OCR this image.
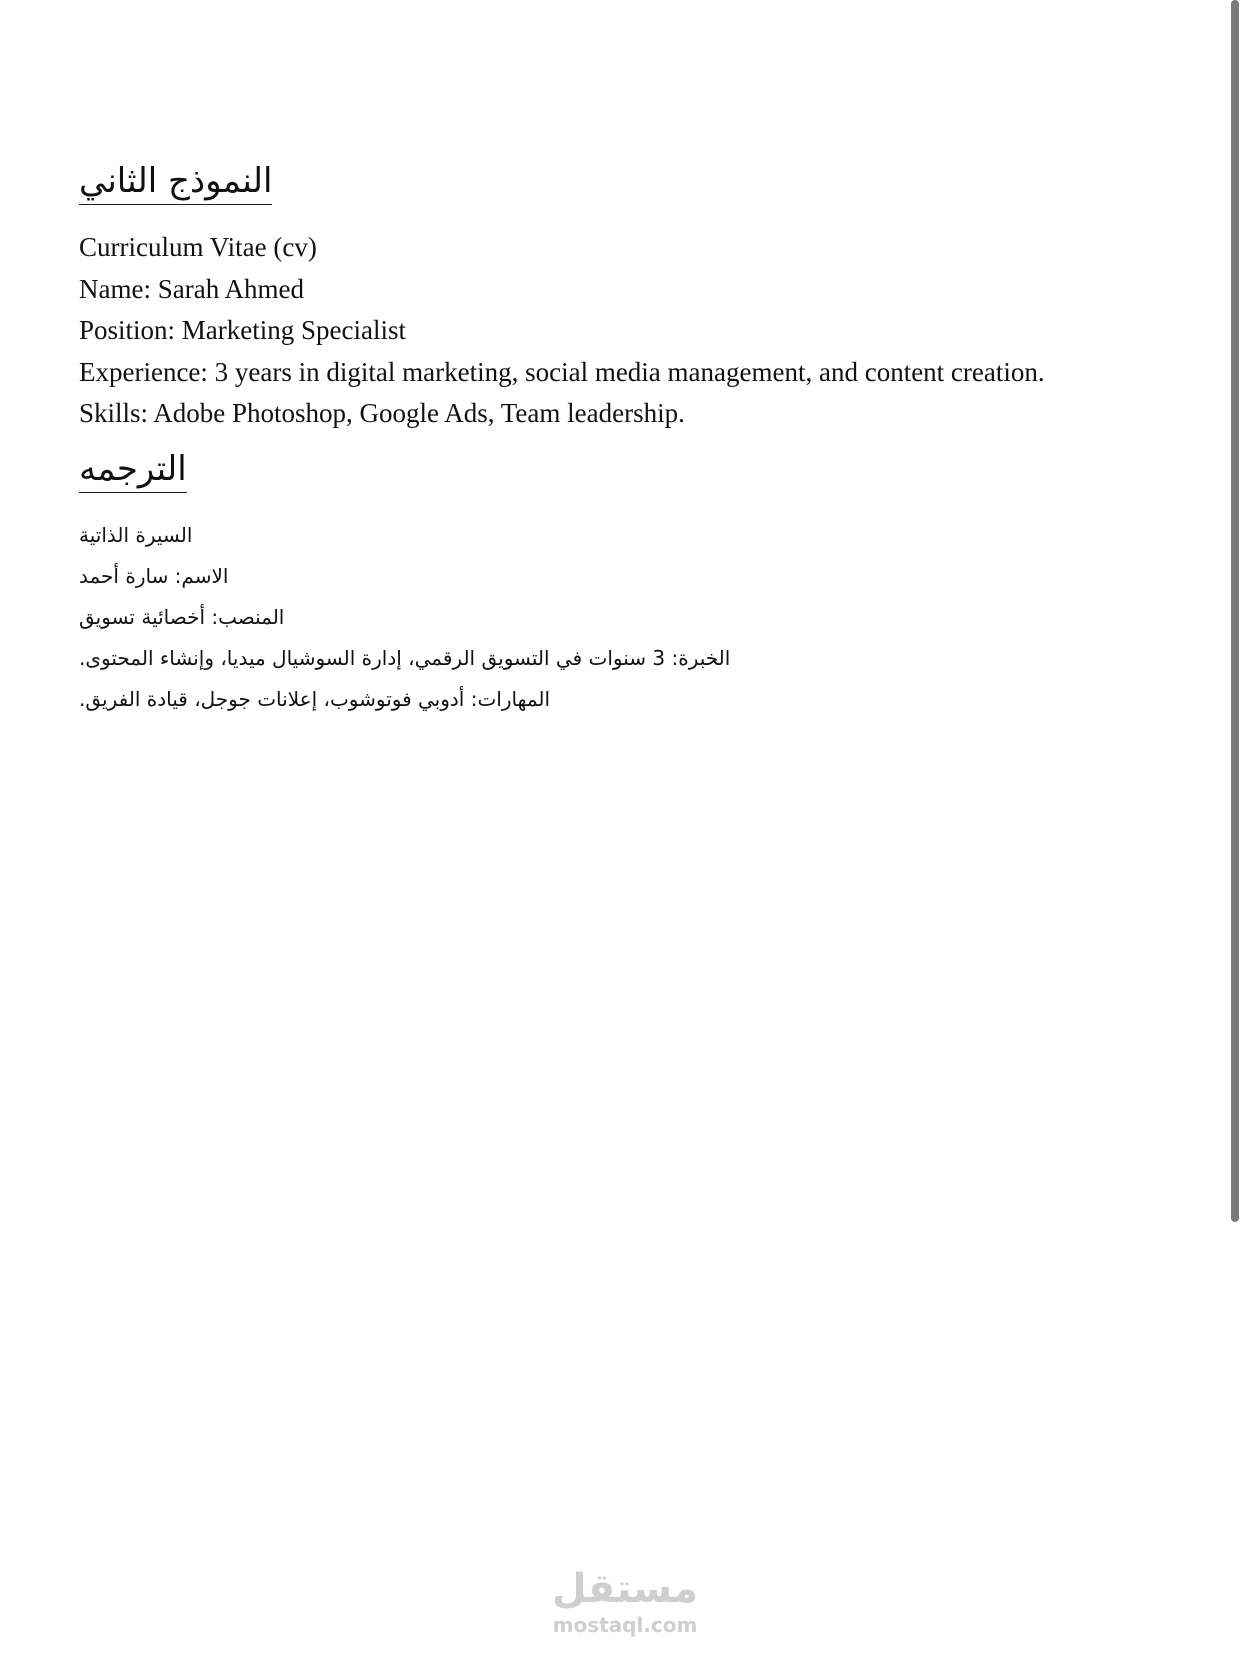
النموذج الثاني
Curriculum Vitae (cv)
Name: Sarah Ahmed
Position: Marketing Specialist
Experience: 3 years in digital marketing, social media management, and content creation.
Skills: Adobe Photoshop, Google Ads, Team leadership.
الترجمه
السيرة الذاتية
الاسم: سارة أحمد
المنصب: أخصائية تسويق
الخبرة: 3 سنوات في التسويق الرقمي، إدارة السوشيال ميديا، وإنشاء المحتوى.
المهارات: أدوبي فوتوشوب، إعلانات جوجل، قيادة الفريق.
مستقل
mostaql.com
